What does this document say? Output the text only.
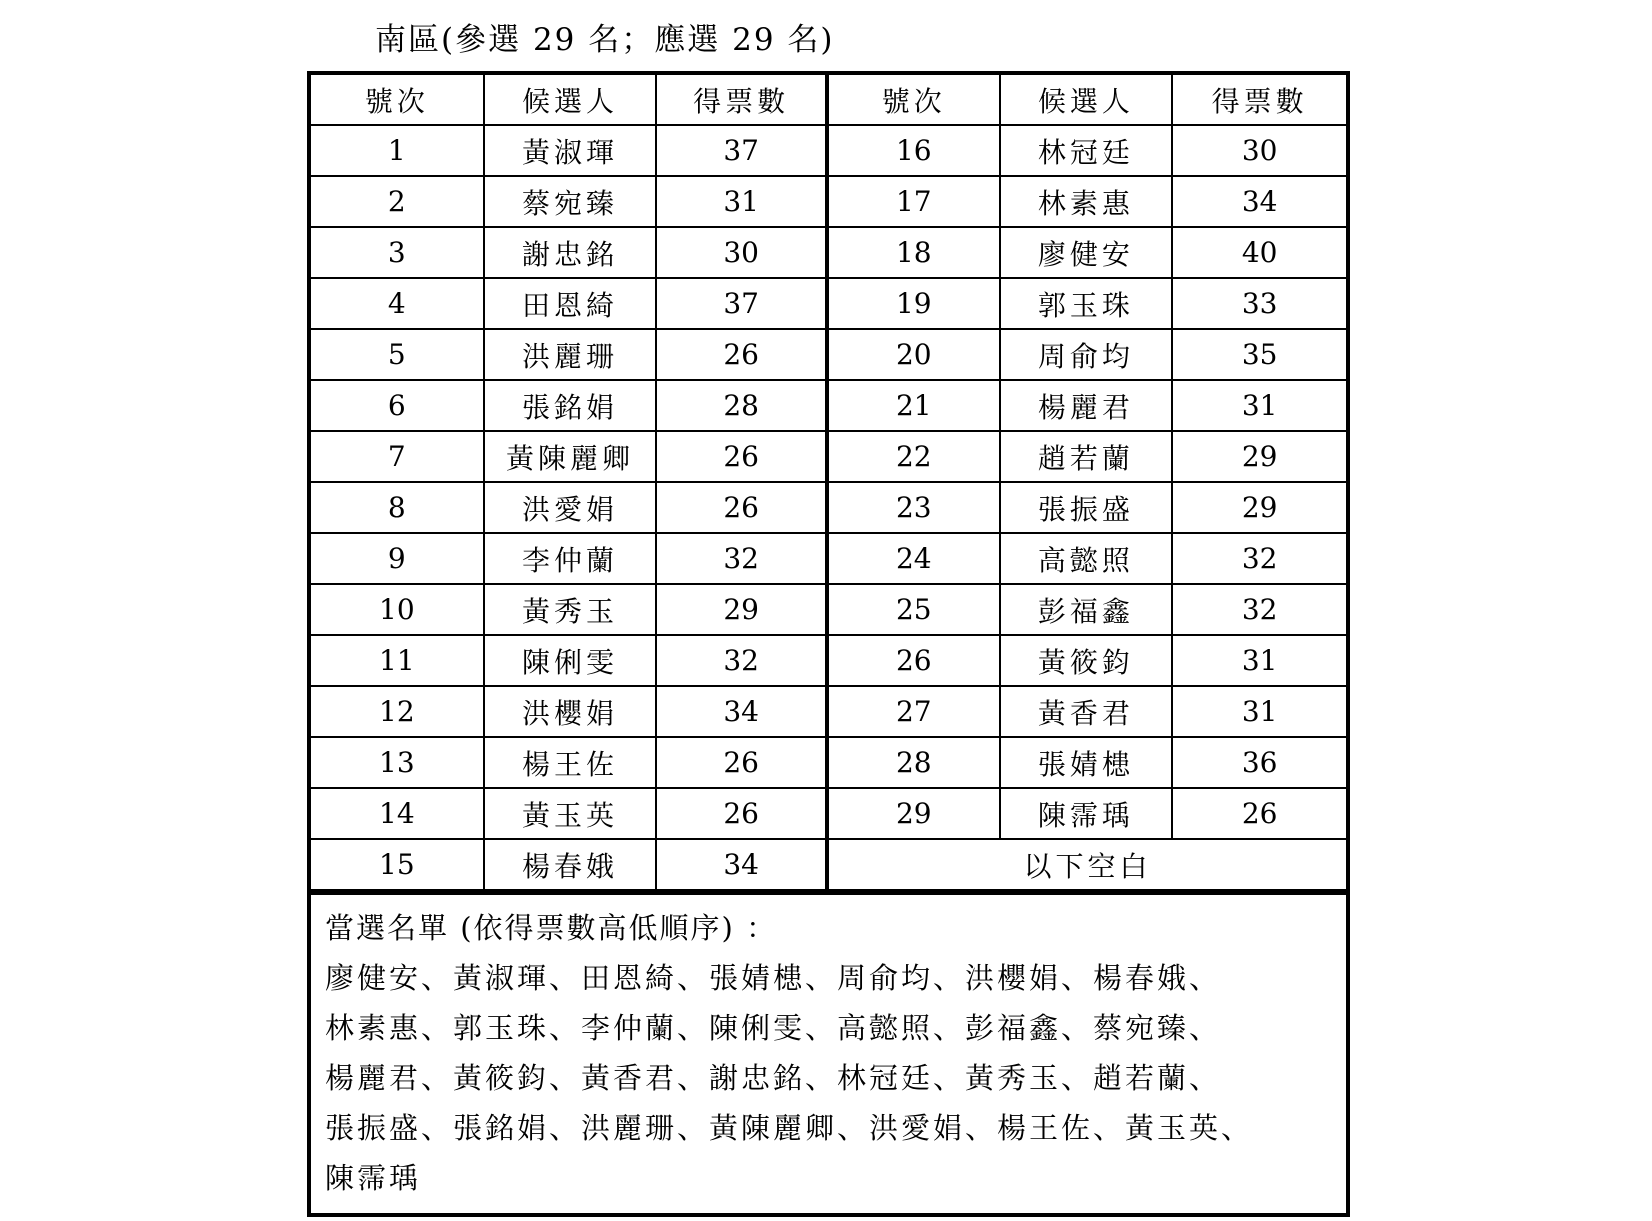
南區(參選 29 名；應選 29 名)
號次	候選人	得票數	號次	候選人	得票數
1	黃淑琿	37	16	林冠廷	30
2	蔡宛臻	31	17	林素惠	34
3	謝忠銘	30	18	廖健安	40
4	田恩綺	37	19	郭玉珠	33
5	洪麗珊	26	20	周俞均	35
6	張銘娟	28	21	楊麗君	31
7	黃陳麗卿	26	22	趙若蘭	29
8	洪愛娟	26	23	張振盛	29
9	李仲蘭	32	24	高懿照	32
10	黃秀玉	29	25	彭福鑫	32
11	陳俐雯	32	26	黃筱鈞	31
12	洪櫻娟	34	27	黃香君	31
13	楊王佐	26	28	張婧槵	36
14	黃玉英	26	29	陳霈瑀	26
15	楊春娥	34	以下空白		
當選名單 (依得票數高低順序) ：
廖健安、黃淑琿、田恩綺、張婧槵、周俞均、洪櫻娟、楊春娥、
林素惠、郭玉珠、李仲蘭、陳俐雯、高懿照、彭福鑫、蔡宛臻、
楊麗君、黃筱鈞、黃香君、謝忠銘、林冠廷、黃秀玉、趙若蘭、
張振盛、張銘娟、洪麗珊、黃陳麗卿、洪愛娟、楊王佐、黃玉英、
陳霈瑀
